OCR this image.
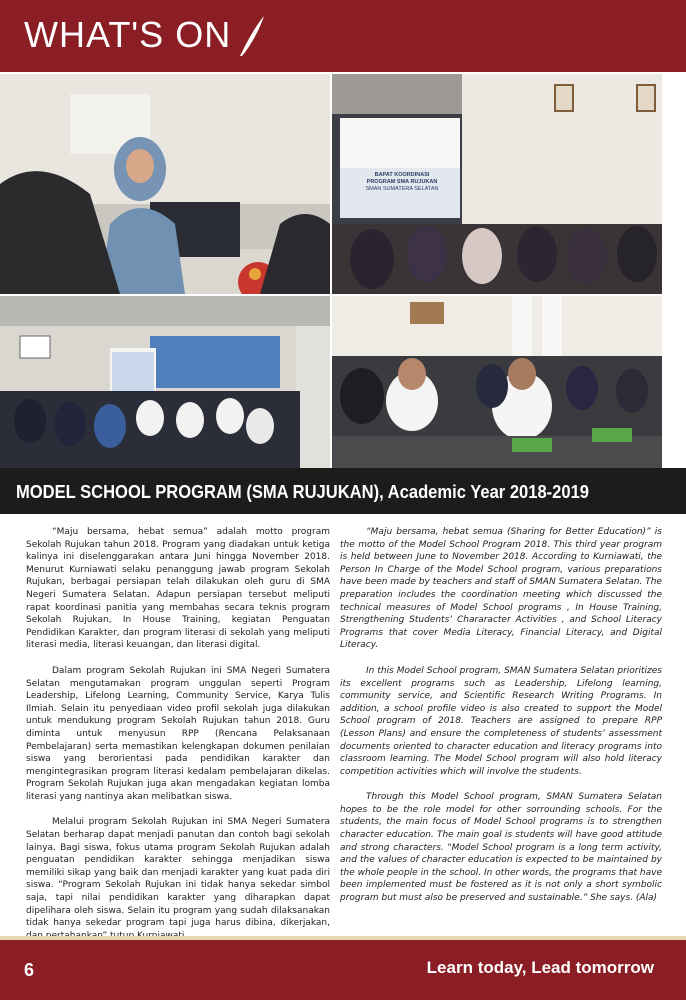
WHAT'S ON
BAPAT KOORDINASI
PROGRAM SMA RUJUKAN
SMAN SUMATERA SELATAN
MODEL SCHOOL PROGRAM (SMA RUJUKAN), Academic Year 2018-2019

“Maju bersama, hebat semua” adalah motto program Sekolah Rujukan tahun 2018. Program yang diadakan untuk ketiga kalinya ini diselenggarakan antara Juni hingga November 2018. Menurut Kurniawati selaku penanggung jawab program Sekolah Rujukan, berbagai persiapan telah dilakukan oleh guru di SMA Negeri Sumatera Selatan. Adapun persiapan tersebut meliputi rapat koordinasi panitia yang membahas secara teknis program Sekolah Rujukan, In House Training, kegiatan Penguatan Pendidikan Karakter, dan program literasi di sekolah yang meliputi literasi media, literasi keuangan, dan literasi digital.

Dalam program Sekolah Rujukan ini SMA Negeri Sumatera Selatan mengutamakan program unggulan seperti Program Leadership, Lifelong Learning, Community Service, Karya Tulis Ilmiah. Selain itu penyediaan video profil sekolah juga dilakukan untuk mendukung program Sekolah Rujukan tahun 2018. Guru diminta untuk menyusun RPP (Rencana Pelaksanaan Pembelajaran) serta memastikan kelengkapan dokumen penilaian siswa yang berorientasi pada pendidikan karakter dan mengintegrasikan program literasi kedalam pembelajaran dikelas. Program Sekolah Rujukan juga akan mengadakan kegiatan lomba literasi yang nantinya akan melibatkan siswa.

Melalui program Sekolah Rujukan ini SMA Negeri Sumatera Selatan berharap dapat menjadi panutan dan contoh bagi sekolah lainya. Bagi siswa, fokus utama program Sekolah Rujukan adalah penguatan pendidikan karakter sehingga menjadikan siswa memiliki sikap yang baik dan menjadi karakter yang kuat pada diri siswa. “Program Sekolah Rujukan ini tidak hanya sekedar simbol saja, tapi nilai pendidikan karakter yang diharapkan dapat dipelihara oleh siswa. Selain itu program yang sudah dilaksanakan tidak hanya sekedar program tapi juga harus dibina, dikerjakan,

“Maju bersama, hebat semua (Sharing for Better Education)” is the motto of the Model School Program 2018. This third year program is held between June to November 2018. According to Kurniawati, the Person In Charge of the Model School program, various preparations have been made by teachers and staff of SMAN Sumatera Selatan. The preparation includes the coordination meeting which discussed the technical measures of Model School programs , In House Training, Strengthening Students’ Chararacter Activities , and School Literacy Programs that cover Media Literacy, Financial Literacy, and Digital Literacy.

In this Model School program, SMAN Sumatera Selatan prioritizes its excellent programs such as Leadership, Lifelong learning, community service, and Scientific Research Writing Programs. In addition, a school profile video is also created to support the Model School program of 2018. Teachers are assigned to prepare RPP (Lesson Plans) and ensure the completeness of students’ assessment documents oriented to character education and literacy programs into classroom learning. The Model School program will also hold literacy competition activities which will involve the students.

Through this Model School program, SMAN Sumatera Selatan hopes to be the role model for other sorrounding schools. For the students, the main focus of Model School programs is to strengthen character education. The main goal is students will have good attitude and strong characters. "Model School program is a long term activity, and the values of character education is expected to be maintained by the whole people in the school. In other words, the programs that have been implemented must be fostered as it is not only a short symbolic program but must also be preserved and sustainable.” She says. (Ala)

6	Learn today, Lead tomorrow
